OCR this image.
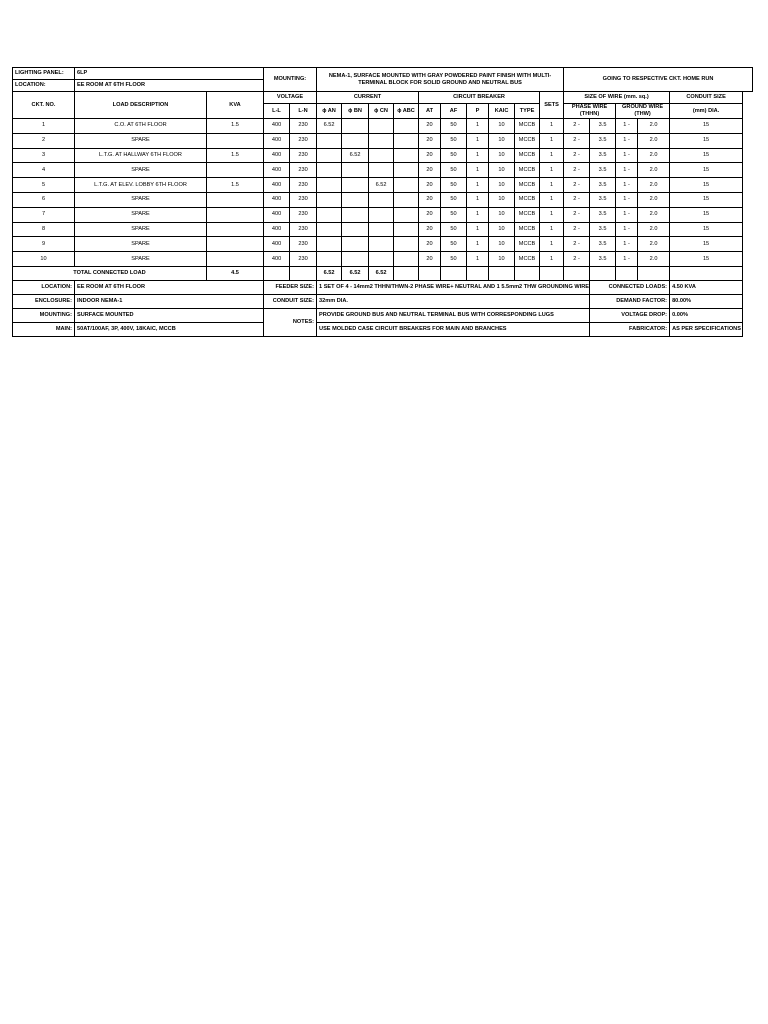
LIGHTING PANEL:	6LP		MOUNTING:		NEMA-1, SURFACE MOUNTED WITH GRAY POWDERED PAINT FINISH WITH MULTI-TERMINAL BLOCK FOR SOLID GROUND AND NEUTRAL BUS										GOING TO RESPECTIVE CKT. HOME RUN				
LOCATION:	EE ROOM AT 6TH FLOOR																		
CKT. NO.	LOAD DESCRIPTION	KVA	VOLTAGE		CURRENT				CIRCUIT BREAKER					SETS	SIZE OF WIRE (mm. sq.)				CONDUIT SIZE
			L-L	L-N	ɸ AN	ɸ BN	ɸ CN	ɸ ABC	AT	AF	P	KAIC	TYPE		PHASE WIRE (THHN)		GROUND WIRE (THW)		(mm) DIA.
1	C.O. AT 6TH FLOOR	1.5	400	230	6.52				20	50	1	10	MCCB	1	2 -	3.5	1 -	2.0	15
2	SPARE		400	230					20	50	1	10	MCCB	1	2 -	3.5	1 -	2.0	15
3	L.T.G. AT HALLWAY 6TH FLOOR	1.5	400	230		6.52			20	50	1	10	MCCB	1	2 -	3.5	1 -	2.0	15
4	SPARE		400	230					20	50	1	10	MCCB	1	2 -	3.5	1 -	2.0	15
5	L.T.G. AT ELEV. LOBBY 6TH FLOOR	1.5	400	230			6.52		20	50	1	10	MCCB	1	2 -	3.5	1 -	2.0	15
6	SPARE		400	230					20	50	1	10	MCCB	1	2 -	3.5	1 -	2.0	15
7	SPARE		400	230					20	50	1	10	MCCB	1	2 -	3.5	1 -	2.0	15
8	SPARE		400	230					20	50	1	10	MCCB	1	2 -	3.5	1 -	2.0	15
9	SPARE		400	230					20	50	1	10	MCCB	1	2 -	3.5	1 -	2.0	15
10	SPARE		400	230					20	50	1	10	MCCB	1	2 -	3.5	1 -	2.0	15
TOTAL CONNECTED LOAD		4.5			6.52	6.52	6.52												
LOCATION:	EE ROOM AT 6TH FLOOR		FEEDER SIZE:		1 SET OF 4 - 14mm2 THHN/THWN-2 PHASE WIRE+ NEUTRAL AND 1 5.5mm2 THW GROUNDING WIRE											CONNECTED LOADS:			4.50 KVA
ENCLOSURE:	INDOOR NEMA-1		CONDUIT SIZE:		32mm DIA.											DEMAND FACTOR:			80.00%
MOUNTING:	SURFACE MOUNTED		NOTES:		PROVIDE GROUND BUS AND NEUTRAL TERMINAL BUS WITH CORRESPONDING LUGS											VOLTAGE DROP:			0.00%
MAIN:	50AT/100AF, 3P, 400V, 18KAIC, MCCB				USE MOLDED CASE CIRCUIT BREAKERS FOR MAIN AND BRANCHES											FABRICATOR:			AS PER SPECIFICATIONS
